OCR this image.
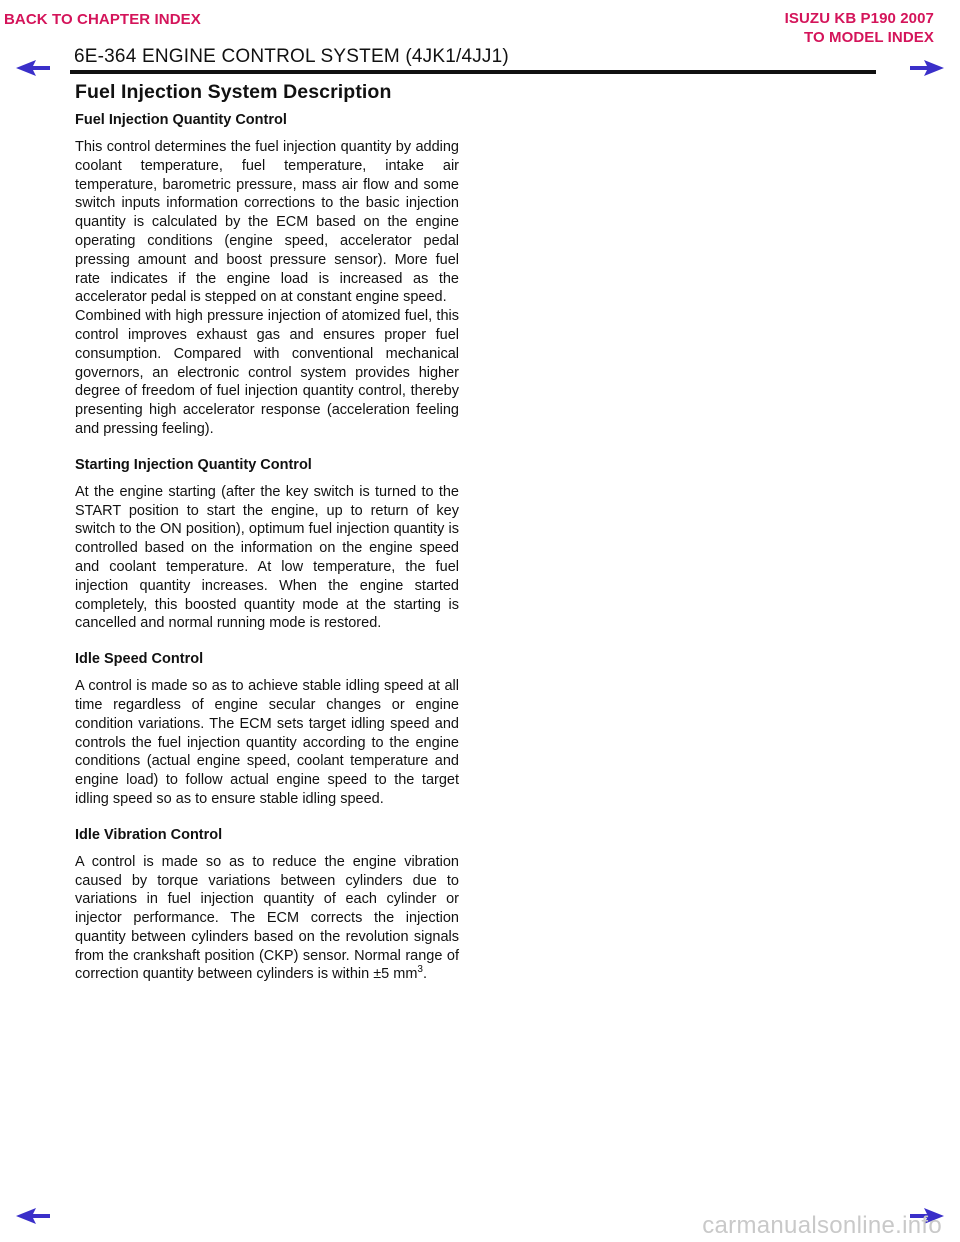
BACK TO CHAPTER INDEX	ISUZU KB P190 2007
TO MODEL INDEX
6E-364 ENGINE CONTROL SYSTEM (4JK1/4JJ1)
Fuel Injection System Description
Fuel Injection Quantity Control

This control determines the fuel injection quantity by adding coolant temperature, fuel temperature, intake air temperature, barometric pressure, mass air flow and some switch inputs information corrections to the basic injection quantity is calculated by the ECM based on the engine operating conditions (engine speed, accelerator pedal pressing amount and boost pressure sensor). More fuel rate indicates if the engine load is increased as the accelerator pedal is stepped on at constant engine speed.

Combined with high pressure injection of atomized fuel, this control improves exhaust gas and ensures proper fuel consumption. Compared with conventional mechanical governors, an electronic control system provides higher degree of freedom of fuel injection quantity control, thereby presenting high accelerator response (acceleration feeling and pressing feeling).

Starting Injection Quantity Control

At the engine starting (after the key switch is turned to the START position to start the engine, up to return of key switch to the ON position), optimum fuel injection quantity is controlled based on the information on the engine speed and coolant temperature. At low temperature, the fuel injection quantity increases. When the engine started completely, this boosted quantity mode at the starting is cancelled and normal running mode is restored.

Idle Speed Control

A control is made so as to achieve stable idling speed at all time regardless of engine secular changes or engine condition variations. The ECM sets target idling speed and controls the fuel injection quantity according to the engine conditions (actual engine speed, coolant temperature and engine load) to follow actual engine speed to the target idling speed so as to ensure stable idling speed.

Idle Vibration Control

A control is made so as to reduce the engine vibration caused by torque variations between cylinders due to variations in fuel injection quantity of each cylinder or injector performance. The ECM corrects the injection quantity between cylinders based on the revolution signals from the crankshaft position (CKP) sensor. Normal range of correction quantity between cylinders is within ±5 $mm^3$.

carmanualsonline.info
